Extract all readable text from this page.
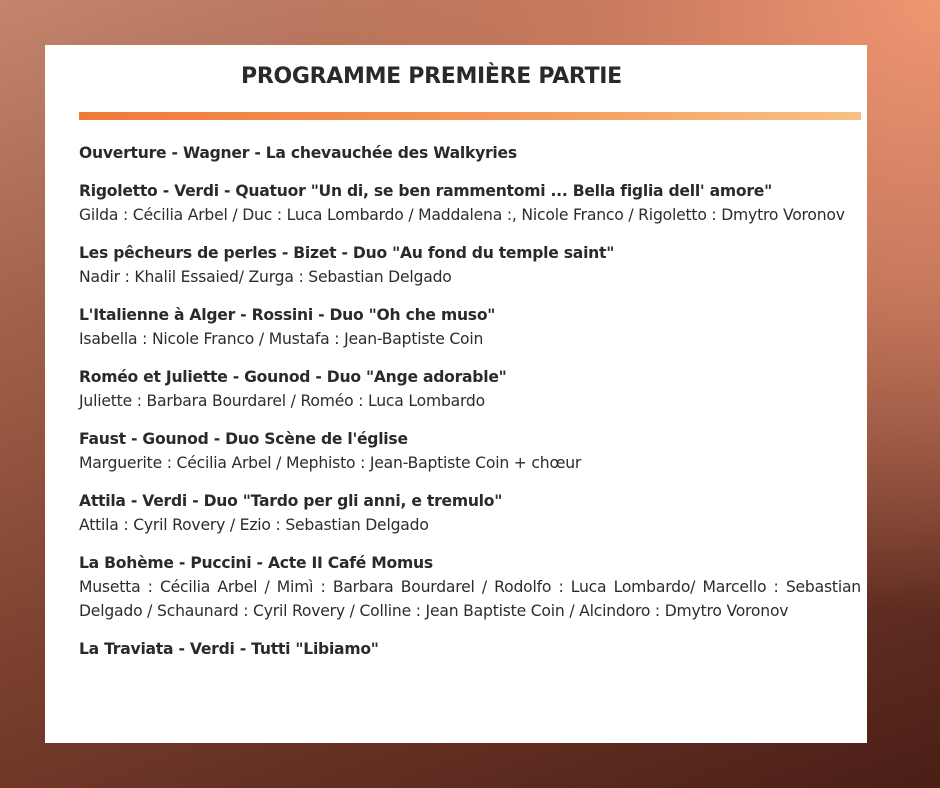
PROGRAMME PREMIÈRE PARTIE
Ouverture - Wagner - La chevauchée des Walkyries
Rigoletto - Verdi - Quatuor "Un di, se ben rammentomi ... Bella figlia dell' amore"
Gilda : Cécilia Arbel / Duc : Luca Lombardo / Maddalena :, Nicole Franco / Rigoletto : Dmytro Voronov
Les pêcheurs de perles - Bizet - Duo "Au fond du temple saint"
Nadir : Khalil Essaied/ Zurga : Sebastian Delgado
L'Italienne à Alger - Rossini - Duo "Oh che muso"
Isabella : Nicole Franco / Mustafa : Jean-Baptiste Coin
Roméo et Juliette - Gounod - Duo "Ange adorable"
Juliette : Barbara Bourdarel / Roméo : Luca Lombardo
Faust - Gounod - Duo Scène de l'église
Marguerite : Cécilia Arbel / Mephisto : Jean-Baptiste Coin + chœur
Attila - Verdi - Duo "Tardo per gli anni, e tremulo"
Attila : Cyril Rovery / Ezio : Sebastian Delgado
La Bohème - Puccini - Acte II Café Momus
Musetta : Cécilia Arbel / Mimì : Barbara Bourdarel / Rodolfo : Luca Lombardo/ Marcello : Sebastian Delgado / Schaunard : Cyril Rovery / Colline : Jean Baptiste Coin / Alcindoro : Dmytro Voronov
La Traviata - Verdi - Tutti "Libiamo"
